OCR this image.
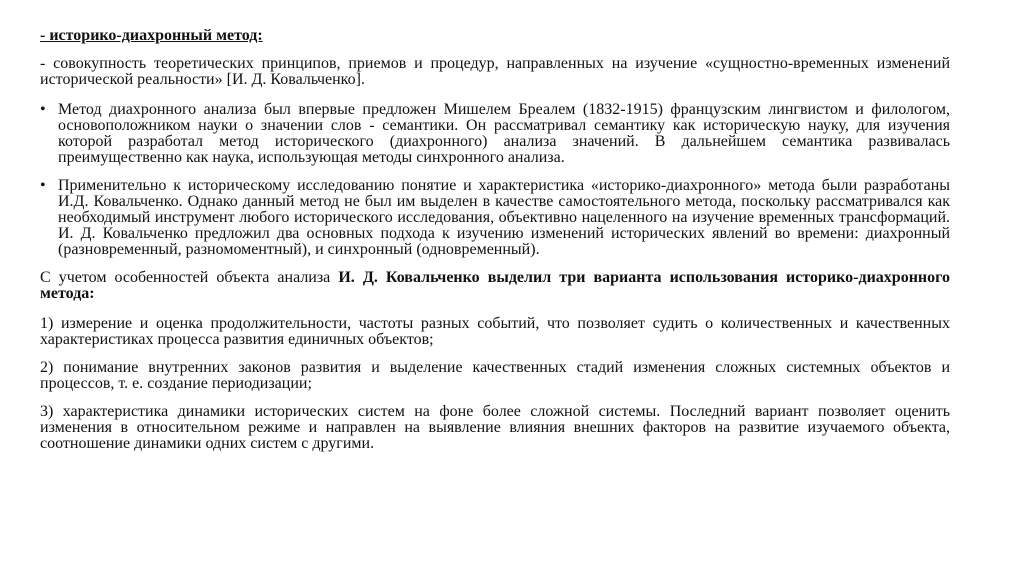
- историко-диахронный метод:
- совокупность теоретических принципов, приемов и процедур, направленных на изучение «сущностно-временных изменений исторической реальности» [И. Д. Ковальченко].
• Метод диахронного анализа был впервые предложен Мишелем Бреалем (1832-1915) французским лингвистом и филологом, основоположником науки о значении слов - семантики. Он рассматривал семантику как историческую науку, для изучения которой разработал метод исторического (диахронного) анализа значений. В дальнейшем семантика развивалась преимущественно как наука, использующая методы синхронного анализа.
• Применительно к историческому исследованию понятие и характеристика «историко-диахронного» метода были разработаны И.Д. Ковальченко. Однако данный метод не был им выделен в качестве самостоятельного метода, поскольку рассматривался как необходимый инструмент любого исторического исследования, объективно нацеленного на изучение временных трансформаций. И. Д. Ковальченко предложил два основных подхода к изучению изменений исторических явлений во времени: диахронный (разновременный, разномоментный), и синхронный (одновременный).
С учетом особенностей объекта анализа И. Д. Ковальченко выделил три варианта использования историко-диахронного метода:
1) измерение и оценка продолжительности, частоты разных событий, что позволяет судить о количественных и качественных характеристиках процесса развития единичных объектов;
2) понимание внутренних законов развития и выделение качественных стадий изменения сложных системных объектов и процессов, т. е. создание периодизации;
3) характеристика динамики исторических систем на фоне более сложной системы. Последний вариант позволяет оценить изменения в относительном режиме и направлен на выявление влияния внешних факторов на развитие изучаемого объекта, соотношение динамики одних систем с другими.
